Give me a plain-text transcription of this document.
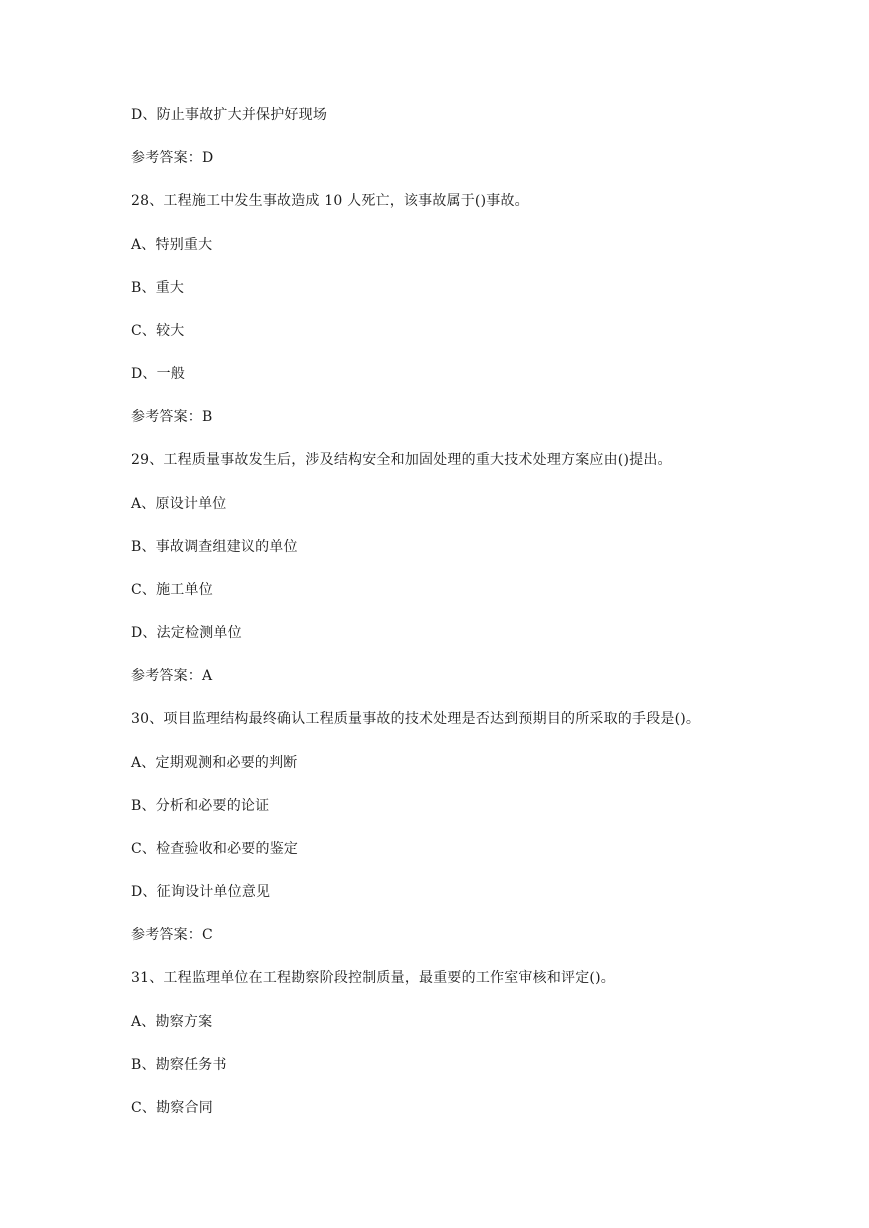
D、防止事故扩大并保护好现场
参考答案：D
28、工程施工中发生事故造成 10 人死亡，该事故属于()事故。
A、特别重大
B、重大
C、较大
D、一般
参考答案：B
29、工程质量事故发生后，涉及结构安全和加固处理的重大技术处理方案应由()提出。
A、原设计单位
B、事故调查组建议的单位
C、施工单位
D、法定检测单位
参考答案：A
30、项目监理结构最终确认工程质量事故的技术处理是否达到预期目的所采取的手段是()。
A、定期观测和必要的判断
B、分析和必要的论证
C、检查验收和必要的鉴定
D、征询设计单位意见
参考答案：C
31、工程监理单位在工程勘察阶段控制质量，最重要的工作室审核和评定()。
A、勘察方案
B、勘察任务书
C、勘察合同
